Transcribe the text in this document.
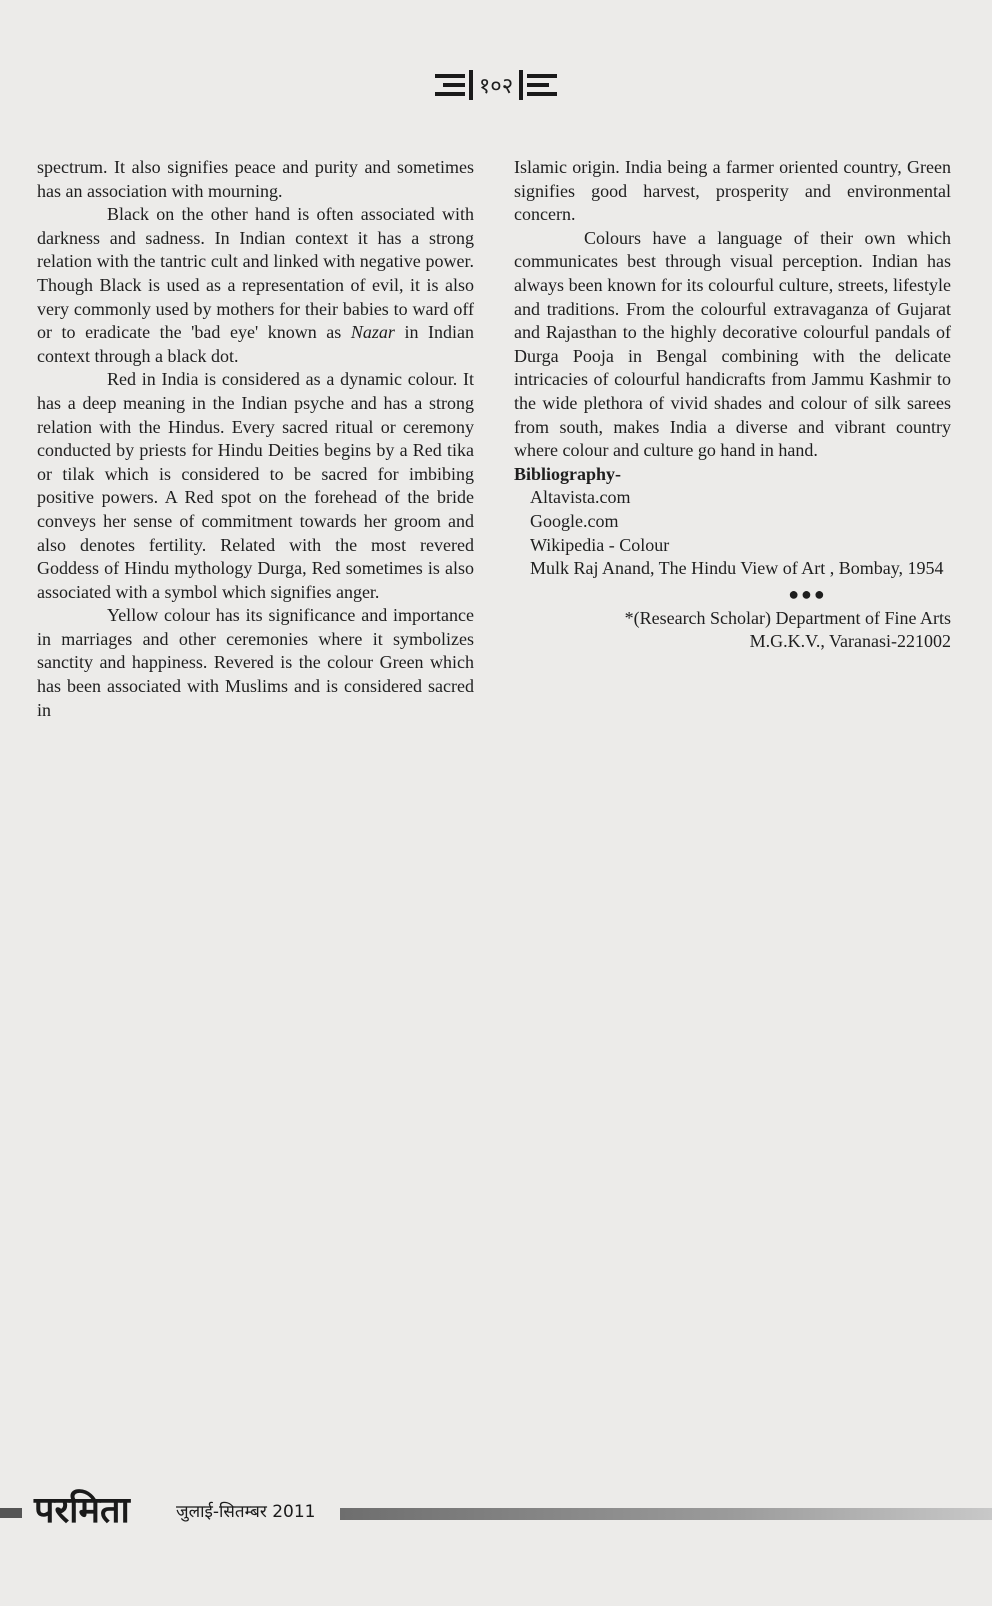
१०२

spectrum. It also signifies peace and purity and sometimes has an association with mourning.

Black on the other hand is often associated with darkness and sadness. In Indian context it has a strong relation with the tantric cult and linked with negative power. Though Black is used as a representation of evil, it is also very commonly used by mothers for their babies to ward off or to eradicate the 'bad eye' known as Nazar in Indian context through a black dot.

Red in India is considered as a dynamic colour. It has a deep meaning in the Indian psyche and has a strong relation with the Hindus. Every sacred ritual or ceremony conducted by priests for Hindu Deities begins by a Red tika or tilak which is considered to be sacred for imbibing positive powers. A Red spot on the forehead of the bride conveys her sense of commitment towards her groom and also denotes fertility. Related with the most revered Goddess of Hindu mythology Durga, Red sometimes is also associated with a symbol which signifies anger.

Yellow colour has its significance and importance in marriages and other ceremonies where it symbolizes sanctity and happiness. Revered is the colour Green which has been associated with Muslims and is considered sacred in

Islamic origin. India being a farmer oriented country, Green signifies good harvest, prosperity and environmental concern.

Colours have a language of their own which communicates best through visual perception. Indian has always been known for its colourful culture, streets, lifestyle and traditions. From the colourful extravaganza of Gujarat and Rajasthan to the highly decorative colourful pandals of Durga Pooja in Bengal combining with the delicate intricacies of colourful handicrafts from Jammu Kashmir to the wide plethora of vivid shades and colour of silk sarees from south, makes India a diverse and vibrant country where colour and culture go hand in hand.

Bibliography-

Altavista.com
Google.com
Wikipedia - Colour
Mulk Raj Anand, The Hindu View of Art , Bombay, 1954

●●●

*(Research Scholar) Department of Fine Arts

M.G.K.V., Varanasi-221002

परमिता	जुलाई-सितम्बर 2011
